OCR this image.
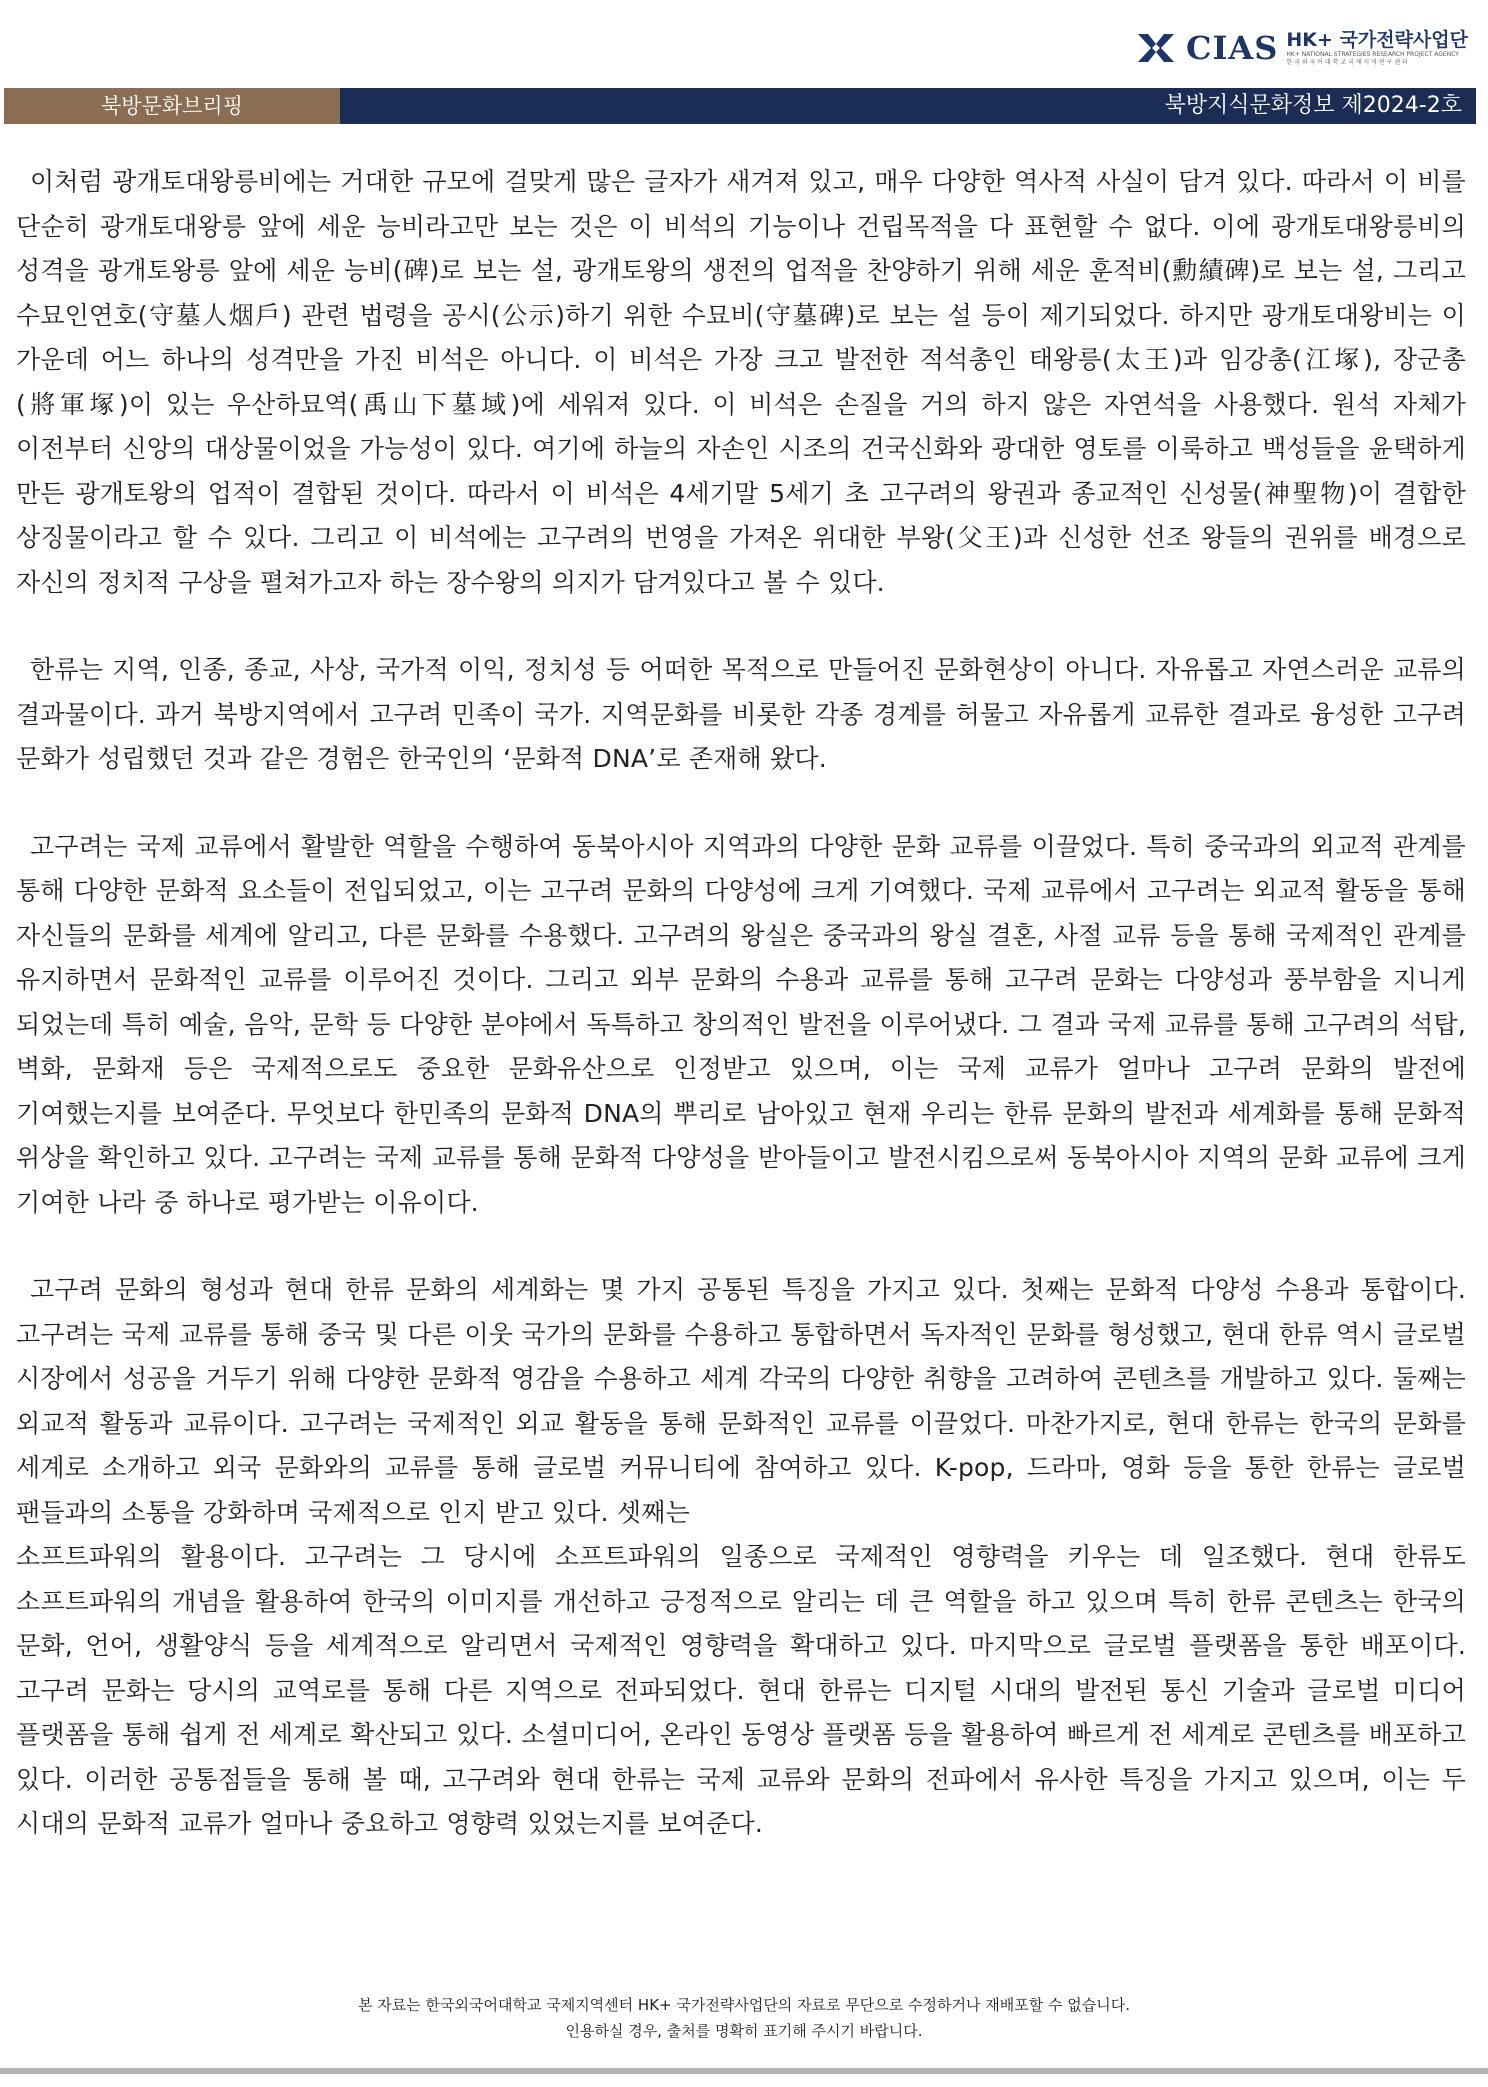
CIAS HK+ 국가전략사업단
HK+ NATIONAL STRATEGIES RESEARCH PROJECT AGENCY
한 국 외 국 어 대 학 교 국 제 지 역 연 구 센 터
북방문화브리핑	북방지식문화정보 제2024-2호

이처럼 광개토대왕릉비에는 거대한 규모에 걸맞게 많은 글자가 새겨져 있고, 매우 다양한 역사적 사실이 담겨 있다. 따라서 이 비를 단순히 광개토대왕릉 앞에 세운 능비라고만 보는 것은 이 비석의 기능이나 건립목적을 다 표현할 수 없다. 이에 광개토대왕릉비의 성격을 광개토왕릉 앞에 세운 능비(碑)로 보는 설, 광개토왕의 생전의 업적을 찬양하기 위해 세운 훈적비(勳績碑)로 보는 설, 그리고 수묘인연호(守墓人烟戶) 관련 법령을 공시(公示)하기 위한 수묘비(守墓碑)로 보는 설 등이 제기되었다. 하지만 광개토대왕비는 이 가운데 어느 하나의 성격만을 가진 비석은 아니다. 이 비석은 가장 크고 발전한 적석총인 태왕릉(太王)과 임강총(江塚), 장군총(將軍塚)이 있는 우산하묘역(禹山下墓域)에 세워져 있다. 이 비석은 손질을 거의 하지 않은 자연석을 사용했다. 원석 자체가 이전부터 신앙의 대상물이었을 가능성이 있다. 여기에 하늘의 자손인 시조의 건국신화와 광대한 영토를 이룩하고 백성들을 윤택하게 만든 광개토왕의 업적이 결합된 것이다. 따라서 이 비석은 4세기말 5세기 초 고구려의 왕권과 종교적인 신성물(神聖物)이 결합한 상징물이라고 할 수 있다. 그리고 이 비석에는 고구려의 번영을 가져온 위대한 부왕(父王)과 신성한 선조 왕들의 권위를 배경으로 자신의 정치적 구상을 펼쳐가고자 하는 장수왕의 의지가 담겨있다고 볼 수 있다.

한류는 지역, 인종, 종교, 사상, 국가적 이익, 정치성 등 어떠한 목적으로 만들어진 문화현상이 아니다. 자유롭고 자연스러운 교류의 결과물이다. 과거 북방지역에서 고구려 민족이 국가. 지역문화를 비롯한 각종 경계를 허물고 자유롭게 교류한 결과로 융성한 고구려 문화가 성립했던 것과 같은 경험은 한국인의 ‘문화적 DNA’로 존재해 왔다.

고구려는 국제 교류에서 활발한 역할을 수행하여 동북아시아 지역과의 다양한 문화 교류를 이끌었다. 특히 중국과의 외교적 관계를 통해 다양한 문화적 요소들이 전입되었고, 이는 고구려 문화의 다양성에 크게 기여했다. 국제 교류에서 고구려는 외교적 활동을 통해 자신들의 문화를 세계에 알리고, 다른 문화를 수용했다. 고구려의 왕실은 중국과의 왕실 결혼, 사절 교류 등을 통해 국제적인 관계를 유지하면서 문화적인 교류를 이루어진 것이다. 그리고 외부 문화의 수용과 교류를 통해 고구려 문화는 다양성과 풍부함을 지니게 되었는데 특히 예술, 음악, 문학 등 다양한 분야에서 독특하고 창의적인 발전을 이루어냈다. 그 결과 국제 교류를 통해 고구려의 석탑, 벽화, 문화재 등은 국제적으로도 중요한 문화유산으로 인정받고 있으며, 이는 국제 교류가 얼마나 고구려 문화의 발전에 기여했는지를 보여준다. 무엇보다 한민족의 문화적 DNA의 뿌리로 남아있고 현재 우리는 한류 문화의 발전과 세계화를 통해 문화적 위상을 확인하고 있다. 고구려는 국제 교류를 통해 문화적 다양성을 받아들이고 발전시킴으로써 동북아시아 지역의 문화 교류에 크게 기여한 나라 중 하나로 평가받는 이유이다.

고구려 문화의 형성과 현대 한류 문화의 세계화는 몇 가지 공통된 특징을 가지고 있다. 첫째는 문화적 다양성 수용과 통합이다. 고구려는 국제 교류를 통해 중국 및 다른 이웃 국가의 문화를 수용하고 통합하면서 독자적인 문화를 형성했고, 현대 한류 역시 글로벌 시장에서 성공을 거두기 위해 다양한 문화적 영감을 수용하고 세계 각국의 다양한 취향을 고려하여 콘텐츠를 개발하고 있다. 둘째는 외교적 활동과 교류이다. 고구려는 국제적인 외교 활동을 통해 문화적인 교류를 이끌었다. 마찬가지로, 현대 한류는 한국의 문화를 세계로 소개하고 외국 문화와의 교류를 통해 글로벌 커뮤니티에 참여하고 있다. K-pop, 드라마, 영화 등을 통한 한류는 글로벌 팬들과의 소통을 강화하며 국제적으로 인지 받고 있다. 셋째는

소프트파워의 활용이다. 고구려는 그 당시에 소프트파워의 일종으로 국제적인 영향력을 키우는 데 일조했다. 현대 한류도 소프트파워의 개념을 활용하여 한국의 이미지를 개선하고 긍정적으로 알리는 데 큰 역할을 하고 있으며 특히 한류 콘텐츠는 한국의 문화, 언어, 생활양식 등을 세계적으로 알리면서 국제적인 영향력을 확대하고 있다. 마지막으로 글로벌 플랫폼을 통한 배포이다. 고구려 문화는 당시의 교역로를 통해 다른 지역으로 전파되었다. 현대 한류는 디지털 시대의 발전된 통신 기술과 글로벌 미디어 플랫폼을 통해 쉽게 전 세계로 확산되고 있다. 소셜미디어, 온라인 동영상 플랫폼 등을 활용하여 빠르게 전 세계로 콘텐츠를 배포하고 있다. 이러한 공통점들을 통해 볼 때, 고구려와 현대 한류는 국제 교류와 문화의 전파에서 유사한 특징을 가지고 있으며, 이는 두 시대의 문화적 교류가 얼마나 중요하고 영향력 있었는지를 보여준다.

본 자료는 한국외국어대학교 국제지역센터 HK+ 국가전략사업단의 자료로 무단으로 수정하거나 재배포할 수 없습니다.
인용하실 경우, 출처를 명확히 표기해 주시기 바랍니다.
